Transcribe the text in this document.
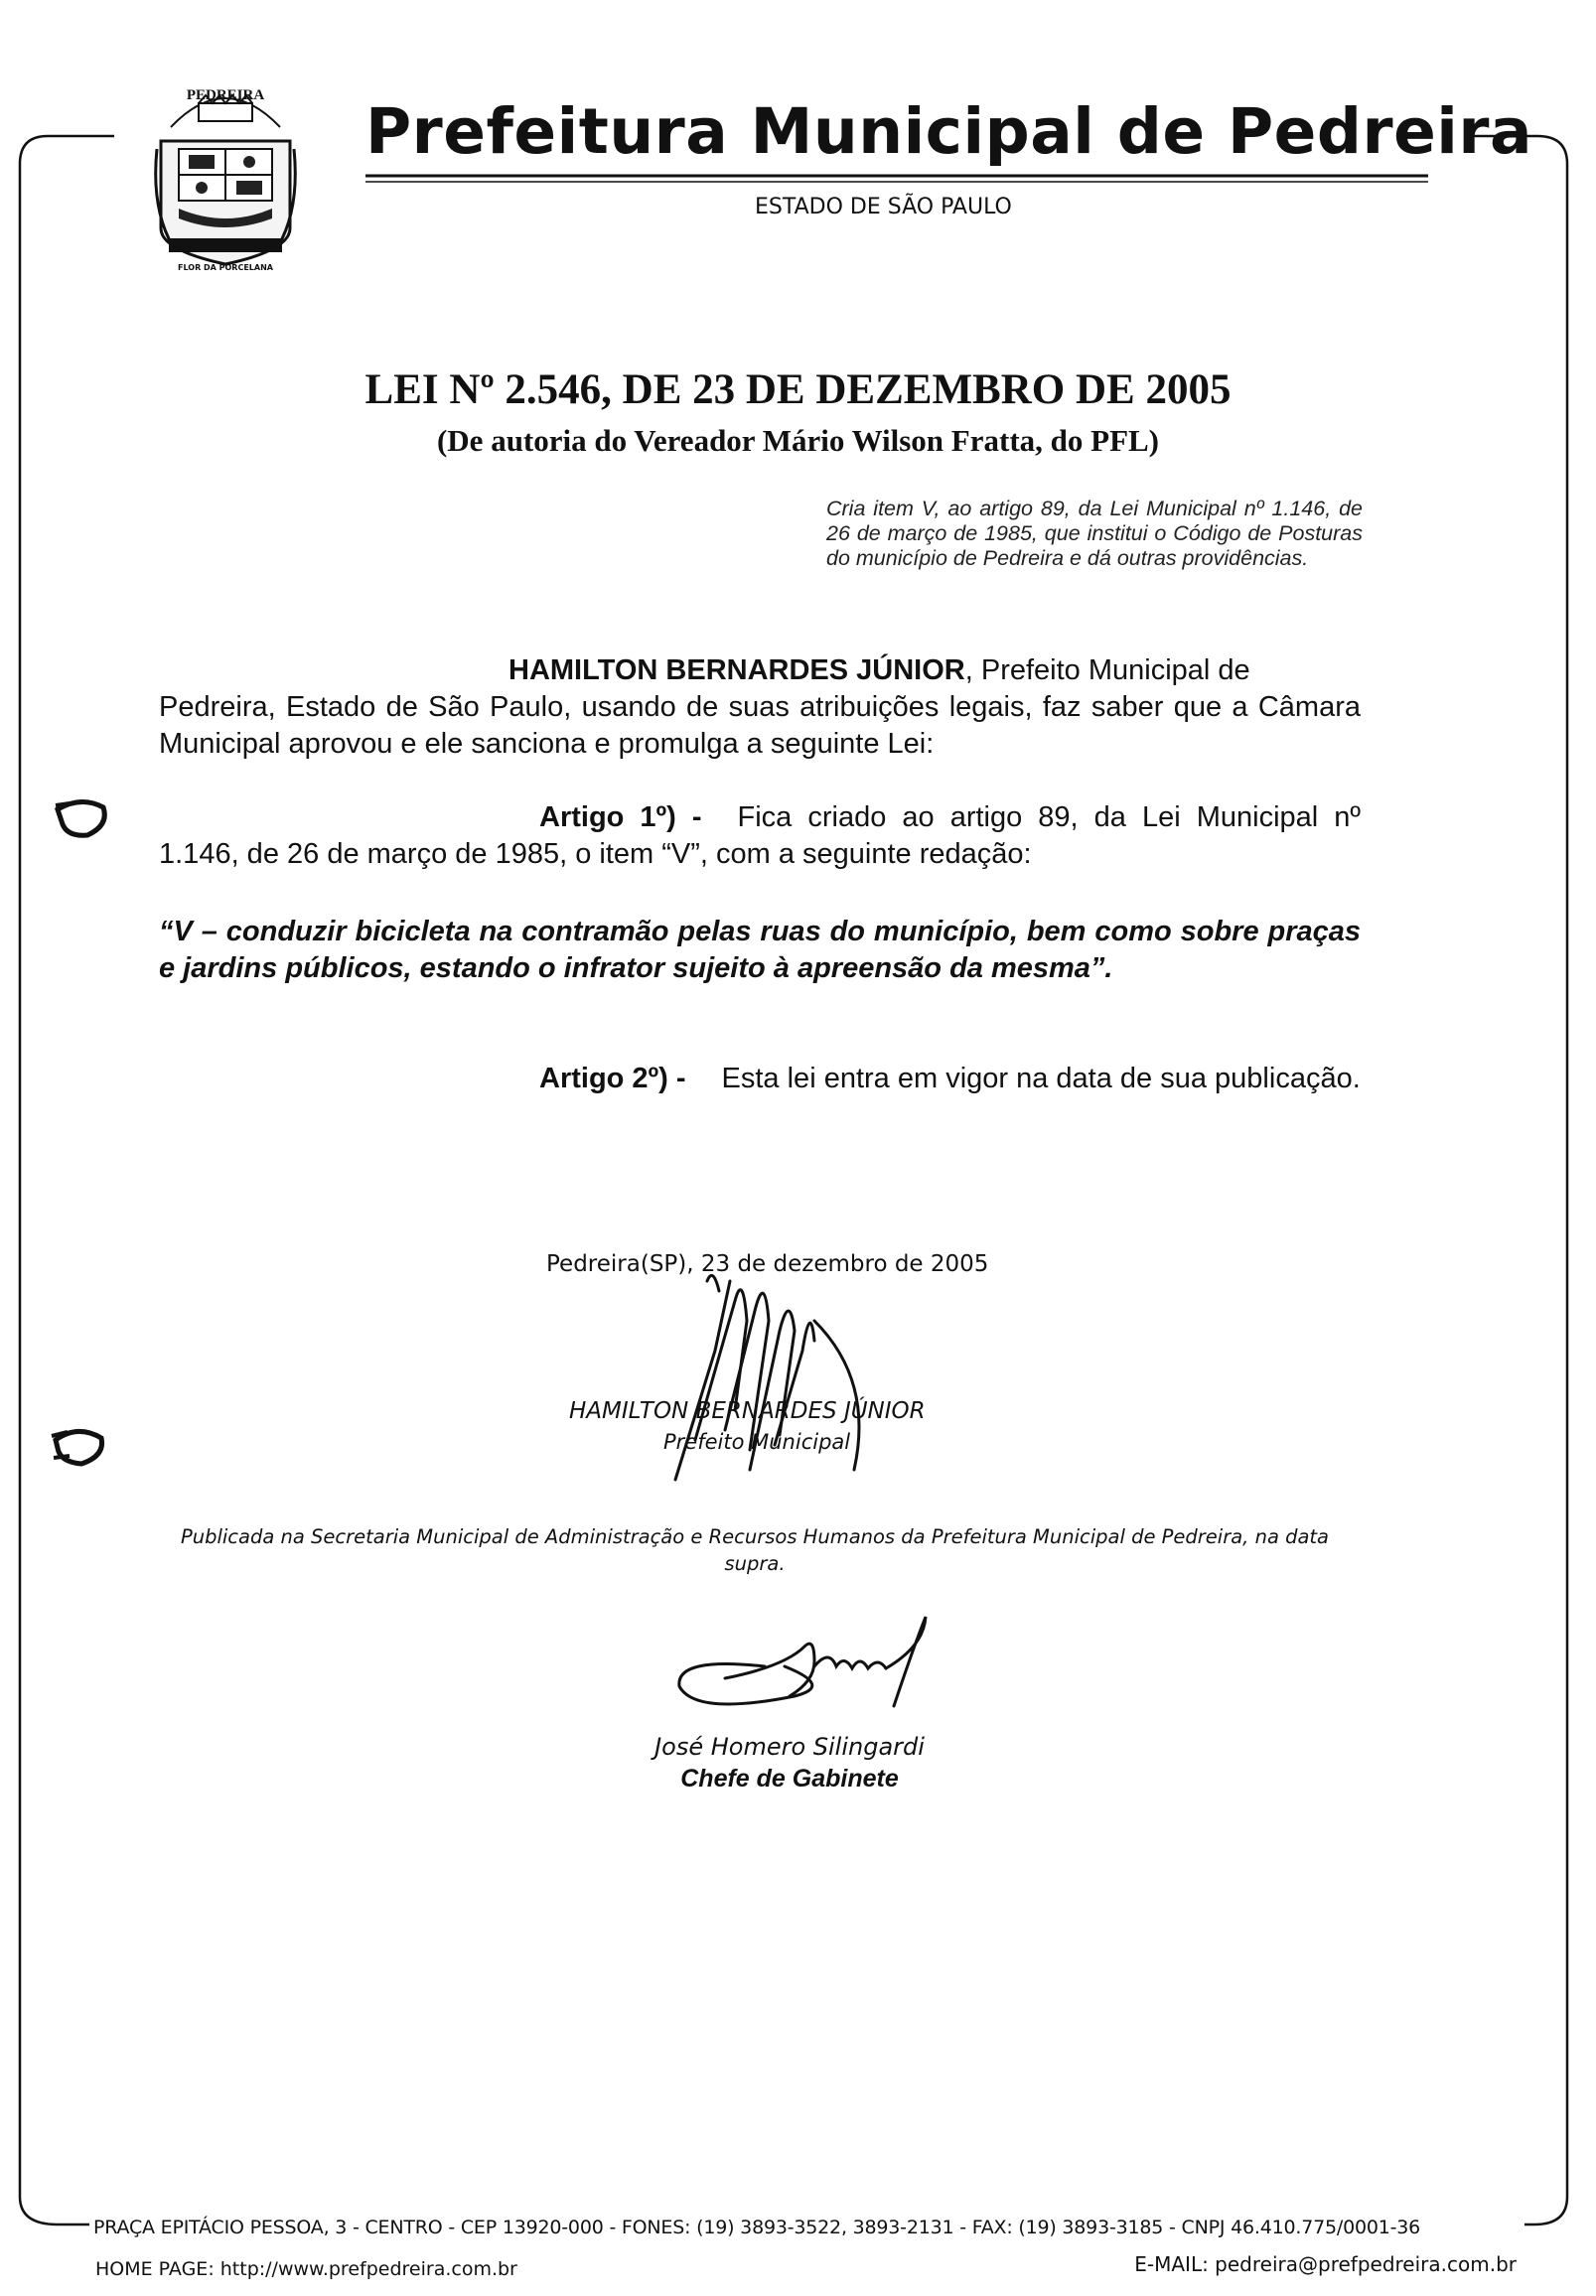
PEDREIRA
FLOR DA PORCELANA
Prefeitura Municipal de Pedreira
ESTADO DE SÃO PAULO
LEI Nº 2.546, DE 23 DE DEZEMBRO DE 2005
(De autoria do Vereador Mário Wilson Fratta, do PFL)
Cria item V, ao artigo 89, da Lei Municipal nº 1.146, de 26 de março de 1985, que institui o Código de Posturas do município de Pedreira e dá outras providências.
HAMILTON BERNARDES JÚNIOR, Prefeito Municipal de
Pedreira, Estado de São Paulo, usando de suas atribuições legais, faz saber que a Câmara Municipal aprovou e ele sanciona e promulga a seguinte Lei:
Artigo 1º) - Fica criado ao artigo 89, da Lei Municipal nº 1.146, de 26 de março de 1985, o item “V”, com a seguinte redação:
“V – conduzir bicicleta na contramão pelas ruas do município, bem como sobre praças e jardins públicos, estando o infrator sujeito à apreensão da mesma”.
Artigo 2º) - Esta lei entra em vigor na data de sua publicação.
Pedreira(SP), 23 de dezembro de 2005
HAMILTON BERNARDES JÚNIOR
Prefeito Municipal
Publicada na Secretaria Municipal de Administração e Recursos Humanos da Prefeitura Municipal de Pedreira, na data supra.
José Homero Silingardi
Chefe de Gabinete
PRAÇA EPITÁCIO PESSOA, 3 - CENTRO - CEP 13920-000 - FONES: (19) 3893-3522, 3893-2131 - FAX: (19) 3893-3185 - CNPJ 46.410.775/0001-36
HOME PAGE: http://www.prefpedreira.com.br	E-MAIL: pedreira@prefpedreira.com.br
